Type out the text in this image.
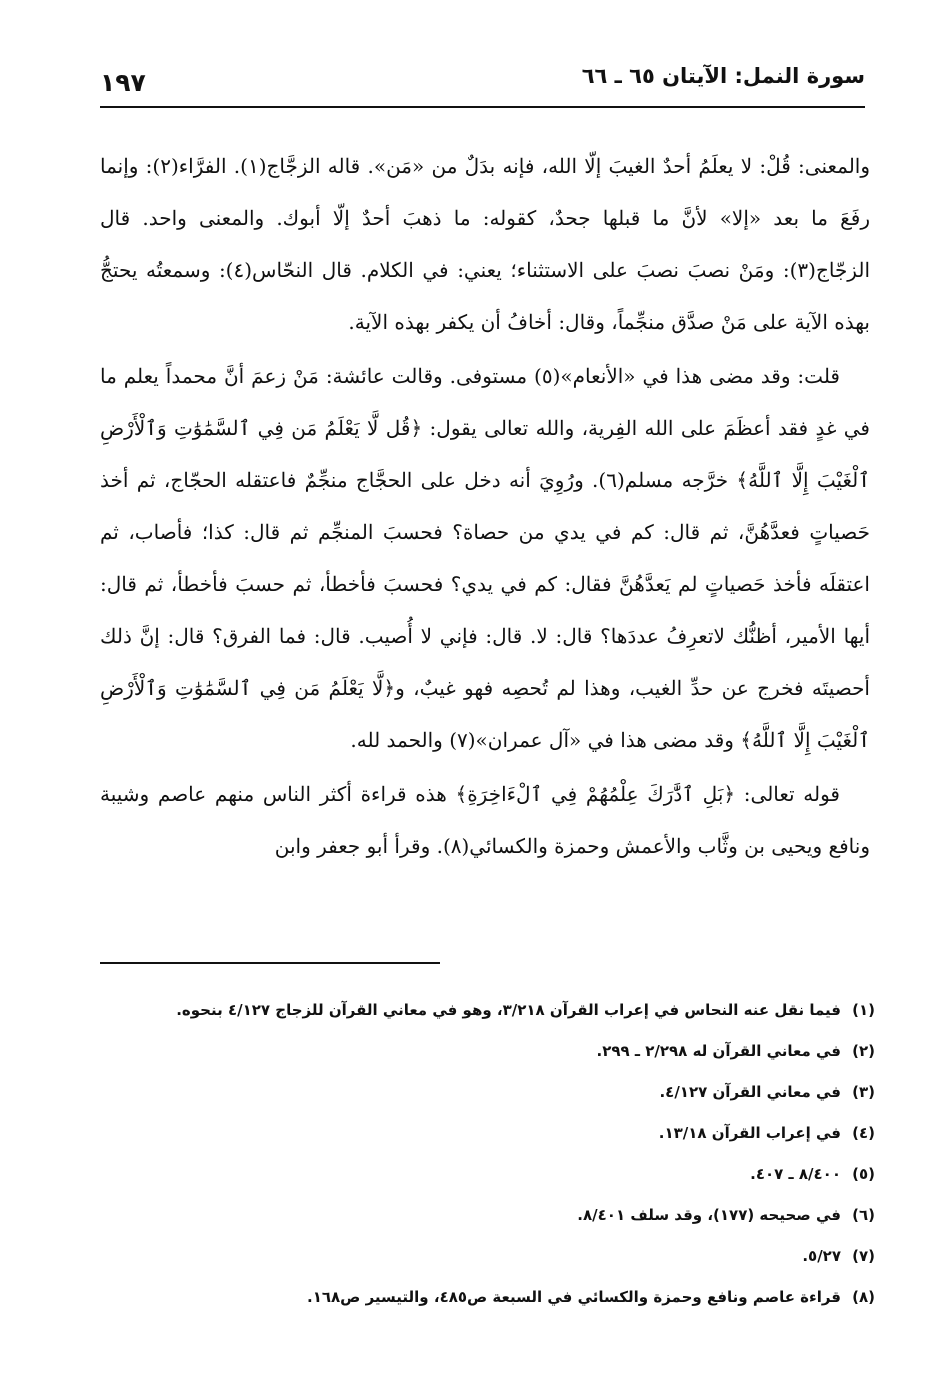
سورة النمل: الآيتان ٦٥ ـ ٦٦
١٩٧

والمعنى: قُلْ: لا يعلَمُ أحدٌ الغيبَ إلّا الله، فإنه بدَلٌ من «مَن». قاله الزجَّاج(١). الفرَّاء(٢): وإنما رفَعَ ما بعد «إلا» لأنَّ ما قبلها جحدٌ، كقوله: ما ذهبَ أحدٌ إلّا أبوك. والمعنى واحد. قال الزجّاج(٣): ومَنْ نصبَ نصبَ على الاستثناء؛ يعني: في الكلام. قال النحّاس(٤): وسمعتُه يحتجُّ بهذه الآية على مَنْ صدَّق منجِّماً، وقال: أخافُ أن يكفر بهذه الآية.

قلت: وقد مضى هذا في «الأنعام»(٥) مستوفى. وقالت عائشة: مَنْ زعمَ أنَّ محمداً يعلم ما في غدٍ فقد أعظَمَ على الله الفِرية، والله تعالى يقول: ﴿قُل لَّا يَعْلَمُ مَن فِي ٱلسَّمَٰوَٰتِ وَٱلْأَرْضِ ٱلْغَيْبَ إِلَّا ٱللَّهُ﴾ خرَّجه مسلم(٦). ورُوِيَ أنه دخل على الحجَّاج منجِّمٌ فاعتقله الحجّاج، ثم أخذ حَصياتٍ فعدَّهُنَّ، ثم قال: كم في يدي من حصاة؟ فحسبَ المنجِّم ثم قال: كذا؛ فأصاب، ثم اعتقلَه فأخذ حَصياتٍ لم يَعدَّهُنَّ فقال: كم في يدي؟ فحسبَ فأخطأ، ثم حسبَ فأخطأ، ثم قال: أيها الأمير، أظنُّك لاتعرِفُ عددَها؟ قال: لا. قال: فإني لا أُصيب. قال: فما الفرق؟ قال: إنَّ ذلك أحصيتَه فخرج عن حدِّ الغيب، وهذا لم تُحصِه فهو غيبٌ، و﴿لَّا يَعْلَمُ مَن فِي ٱلسَّمَٰوَٰتِ وَٱلْأَرْضِ ٱلْغَيْبَ إِلَّا ٱللَّهُ﴾ وقد مضى هذا في «آل عمران»(٧) والحمد لله.

قوله تعالى: ﴿بَلِ ٱدَّٰرَكَ عِلْمُهُمْ فِي ٱلْءَاخِرَةِ﴾ هذه قراءة أكثر الناس منهم عاصم وشيبة ونافع ويحيى بن وثَّاب والأعمش وحمزة والكسائي(٨). وقرأ أبو جعفر وابن

(١)فيما نقل عنه النحاس في إعراب القرآن ٣/٢١٨، وهو في معاني القرآن للزجاج ٤/١٢٧ بنحوه.
(٢)في معاني القرآن له ٢/٢٩٨ ـ ٢٩٩.
(٣)في معاني القرآن ٤/١٢٧.
(٤)في إعراب القرآن ١٣/١٨.
(٥)٨/٤٠٠ ـ ٤٠٧.
(٦)في صحيحه (١٧٧)، وقد سلف ٨/٤٠١.
(٧)٥/٢٧.
(٨)قراءة عاصم ونافع وحمزة والكسائي في السبعة ص٤٨٥، والتيسير ص١٦٨.
